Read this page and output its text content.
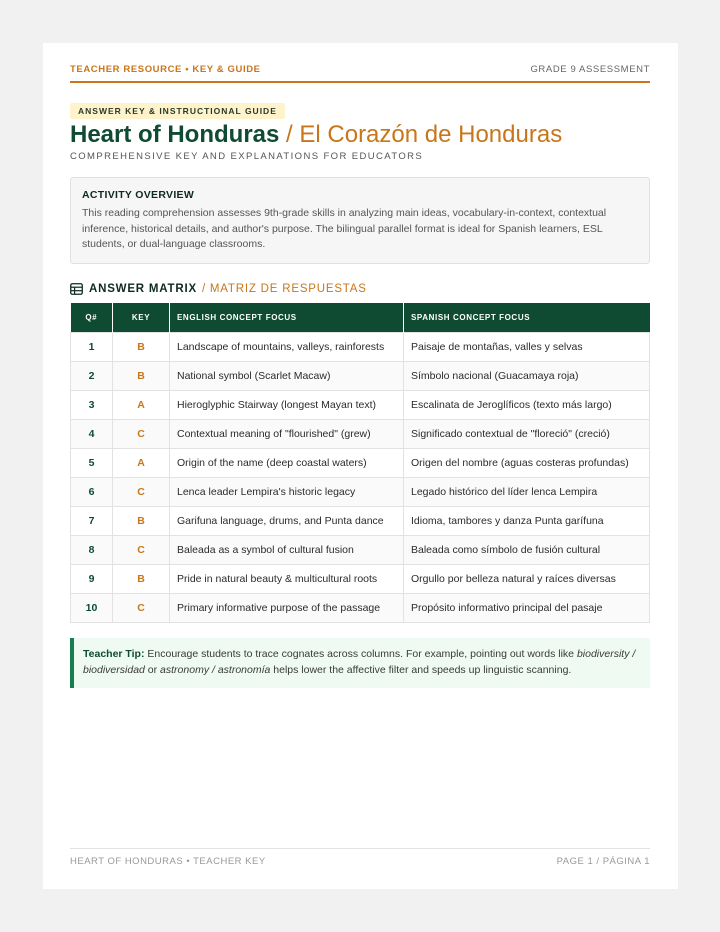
TEACHER RESOURCE • KEY & GUIDE	GRADE 9 ASSESSMENT
ANSWER KEY & INSTRUCTIONAL GUIDE
Heart of Honduras / El Corazón de Honduras
COMPREHENSIVE KEY AND EXPLANATIONS FOR EDUCATORS
ACTIVITY OVERVIEW

This reading comprehension assesses 9th-grade skills in analyzing main ideas, vocabulary-in-context, contextual inference, historical details, and author's purpose. The bilingual parallel format is ideal for Spanish learners, ESL students, or dual-language classrooms.

ANSWER MATRIX / MATRIZ DE RESPUESTAS
Q#	KEY	ENGLISH CONCEPT FOCUS	SPANISH CONCEPT FOCUS
1	B	Landscape of mountains, valleys, rainforests	Paisaje de montañas, valles y selvas
2	B	National symbol (Scarlet Macaw)	Símbolo nacional (Guacamaya roja)
3	A	Hieroglyphic Stairway (longest Mayan text)	Escalinata de Jeroglíficos (texto más largo)
4	C	Contextual meaning of "flourished" (grew)	Significado contextual de "floreció" (creció)
5	A	Origin of the name (deep coastal waters)	Origen del nombre (aguas costeras profundas)
6	C	Lenca leader Lempira's historic legacy	Legado histórico del líder lenca Lempira
7	B	Garifuna language, drums, and Punta dance	Idioma, tambores y danza Punta garífuna
8	C	Baleada as a symbol of cultural fusion	Baleada como símbolo de fusión cultural
9	B	Pride in natural beauty & multicultural roots	Orgullo por belleza natural y raíces diversas
10	C	Primary informative purpose of the passage	Propósito informativo principal del pasaje
Teacher Tip: Encourage students to trace cognates across columns. For example, pointing out words like biodiversity / biodiversidad or astronomy / astronomía helps lower the affective filter and speeds up linguistic scanning.
HEART OF HONDURAS • TEACHER KEY	PAGE 1 / PÁGINA 1
